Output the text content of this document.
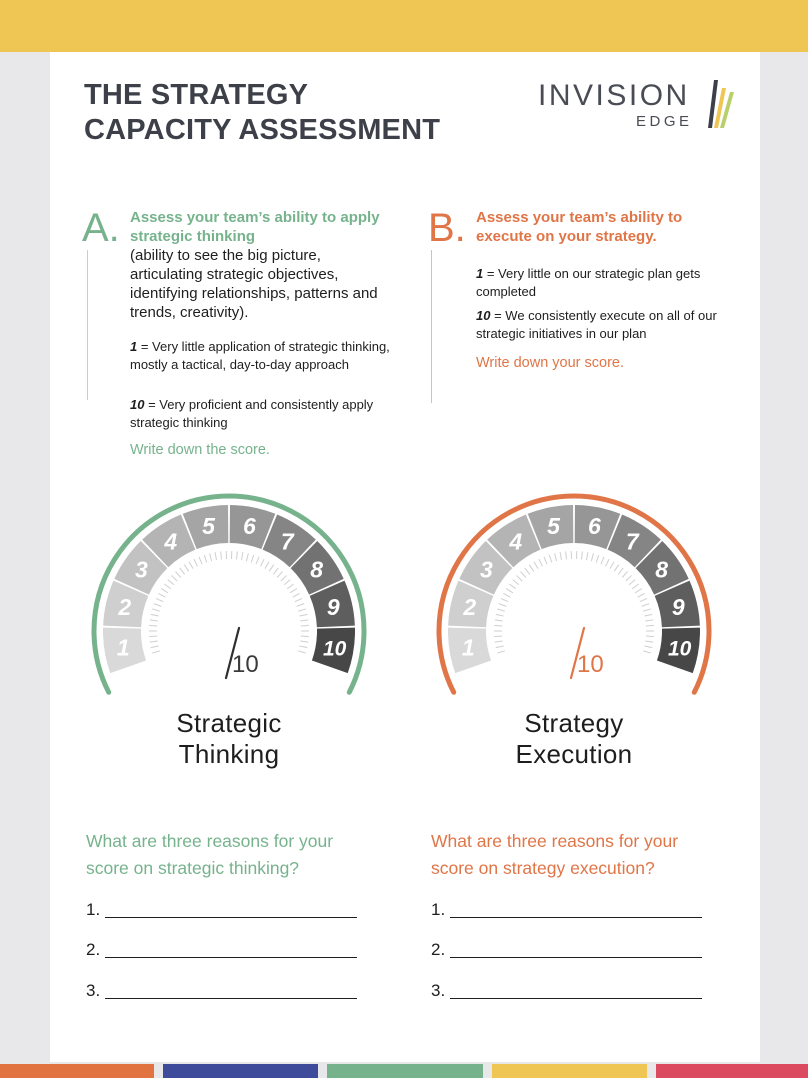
THE STRATEGY
CAPACITY ASSESSMENT
INVISION
EDGE
A. Assess your team’s ability to apply strategic thinking
(ability to see the big picture, articulating strategic objectives, identifying relationships, patterns and trends, creativity).
1 = Very little application of strategic thinking, mostly a tactical, day-to-day approach
10 = Very proficient and consistently apply strategic thinking
Write down the score.
B. Assess your team’s ability to execute on your strategy.
1 = Very little on our strategic plan gets completed
10 = We consistently execute on all of our strategic initiatives in our plan
Write down your score.
1
2
3
4
5 6
7
8
9
10
10
Strategic
Thinking
1
2
3
4
5 6
7
8
9
10
10
Strategy
Execution
What are three reasons for your
score on strategic thinking?
What are three reasons for your
score on strategy execution?
1.
2.
3.
1.
2.
3.
